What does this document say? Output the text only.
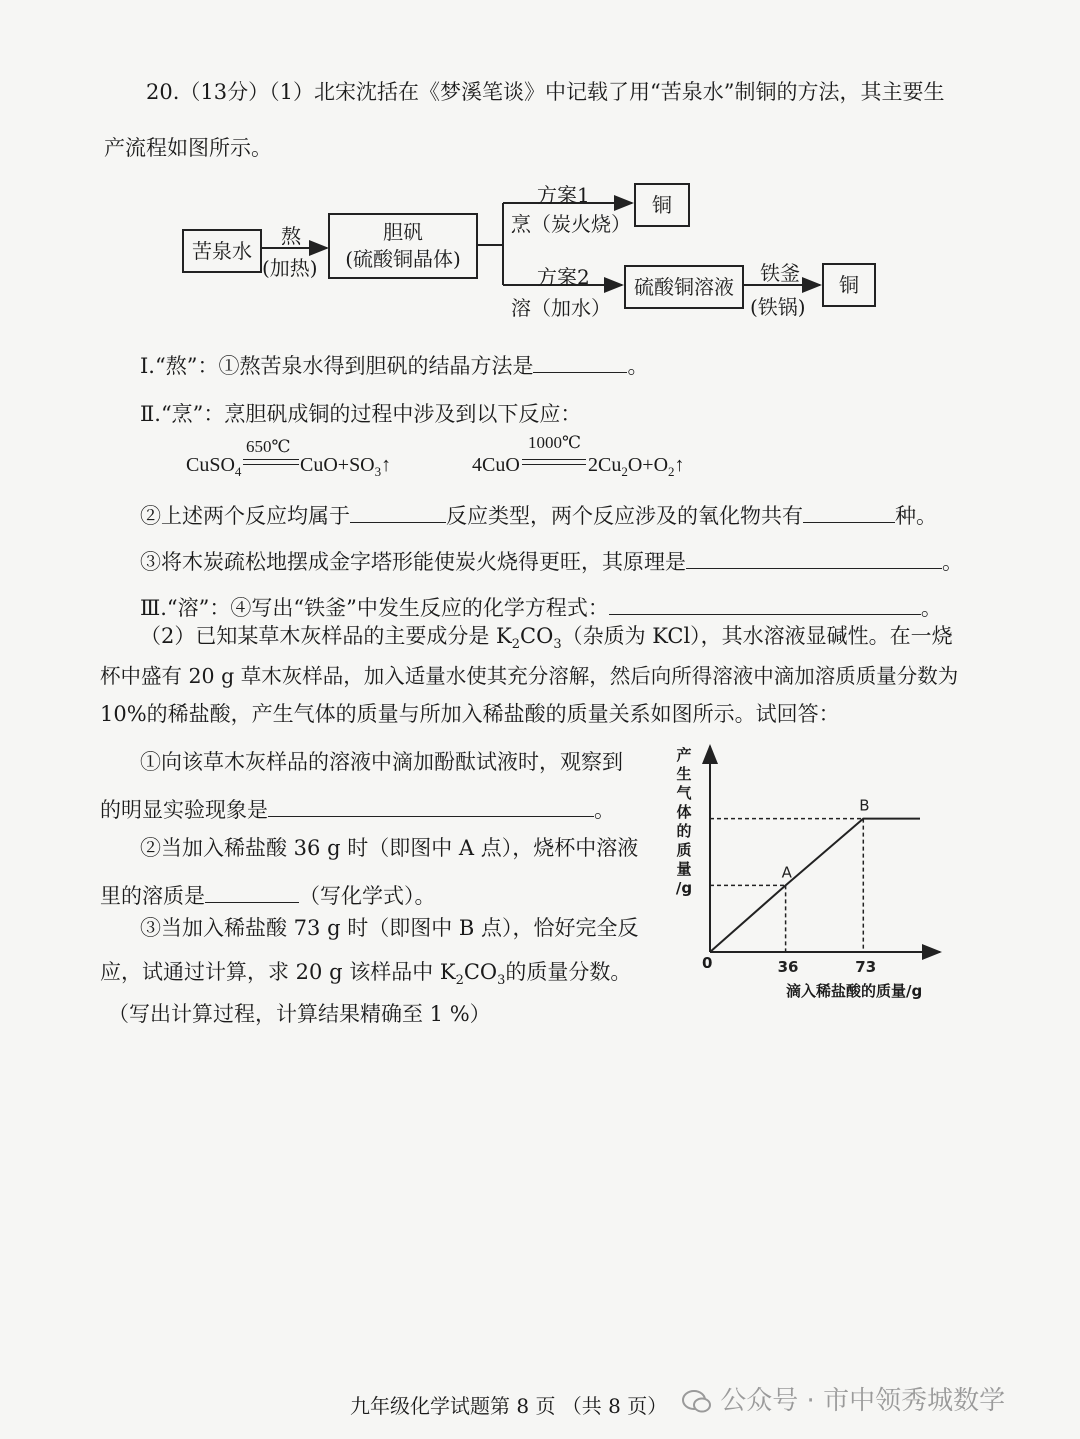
20.（13分）（1）北宋沈括在《梦溪笔谈》中记载了用“苦泉水”制铜的方法，其主要生
产流程如图所示。
苦泉水
熬
(加热)
胆矾
(硫酸铜晶体)
方案1
烹（炭火烧）
铜
方案2
溶（加水）
硫酸铜溶液
铁釜
(铁锅)
铜
Ⅰ.“熬”：①熬苦泉水得到胆矾的结晶方法是	。
Ⅱ.“烹”：烹胆矾成铜的过程中涉及到以下反应：
CuSO$_4$
650℃
$CuO+SO_3↑$	4CuO
1000℃
$2Cu_2O+O_2↑$
②上述两个反应均属于	反应类型，两个反应涉及的氧化物共有	种。
③将木炭疏松地摆成金字塔形能使炭火烧得更旺，其原理是	。
Ⅲ.“溶”：④写出“铁釜”中发生反应的化学方程式：	。
（2）已知某草木灰样品的主要成分是 $K_2CO_3$（杂质为 KCl），其水溶液显碱性。在一烧
杯中盛有 20 g 草木灰样品，加入适量水使其充分溶解，然后向所得溶液中滴加溶质质量分数为
10%的稀盐酸，产生气体的质量与所加入稀盐酸的质量关系如图所示。试回答：
①向该草木灰样品的溶液中滴加酚酞试液时，观察到
的明显实验现象是	。
②当加入稀盐酸 36 g 时（即图中 A 点），烧杯中溶液
里的溶质是	（写化学式）。
③当加入稀盐酸 73 g 时（即图中 B 点），恰好完全反
应，试通过计算，求 20 g 该样品中 $K_2CO_3$的质量分数。
（写出计算过程，计算结果精确至 1 %）
A
B
36	73
产
生
气
体
的
质
量
/g
0
滴入稀盐酸的质量/g
九年级化学试题第 8 页 （共 8 页）	公众号 · 市中领秀城数学
